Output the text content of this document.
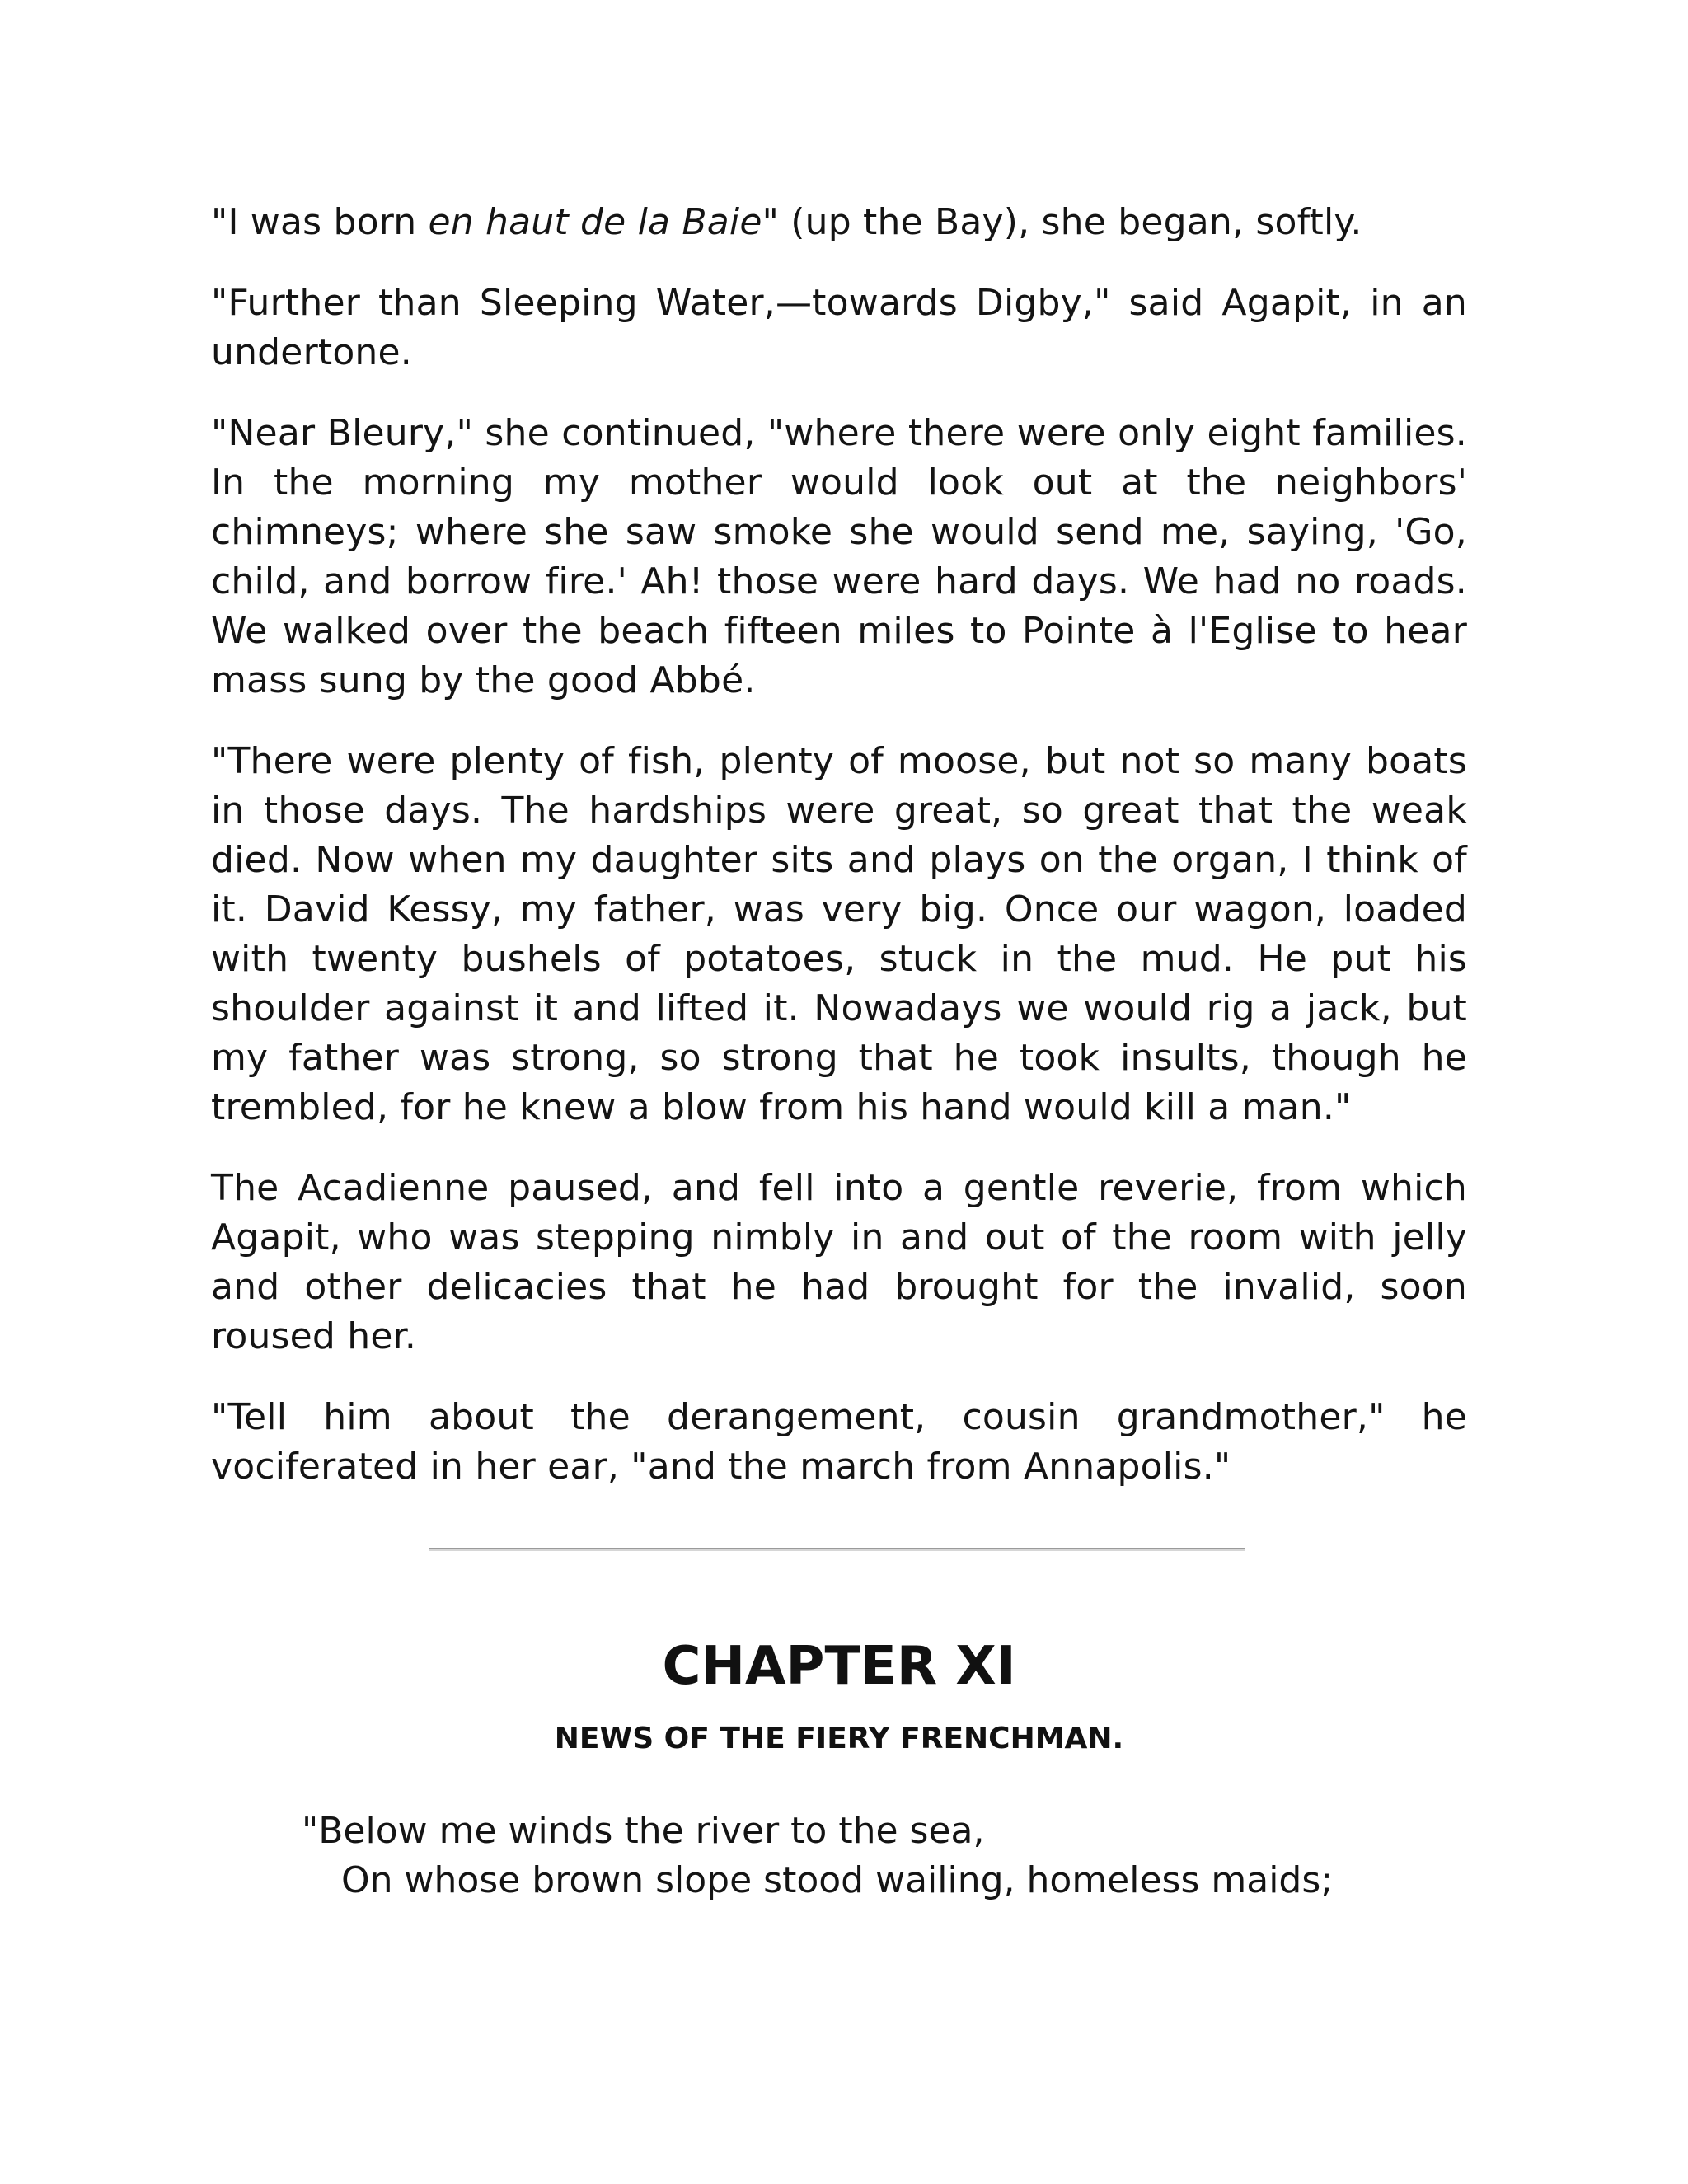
"I was born en haut de la Baie" (up the Bay), she began, softly.

"Further than Sleeping Water,—towards Digby," said Agapit, in an undertone.

"Near Bleury," she continued, "where there were only eight families. In the morning my mother would look out at the neighbors' chimneys; where she saw smoke she would send me, saying, 'Go, child, and borrow fire.' Ah! those were hard days. We had no roads. We walked over the beach fifteen miles to Pointe à l'Eglise to hear mass sung by the good Abbé.

"There were plenty of fish, plenty of moose, but not so many boats in those days. The hardships were great, so great that the weak died. Now when my daughter sits and plays on the organ, I think of it. David Kessy, my father, was very big. Once our wagon, loaded with twenty bushels of potatoes, stuck in the mud. He put his shoulder against it and lifted it. Nowadays we would rig a jack, but my father was strong, so strong that he took insults, though he trembled, for he knew a blow from his hand would kill a man."

The Acadienne paused, and fell into a gentle reverie, from which Agapit, who was stepping nimbly in and out of the room with jelly and other delicacies that he had brought for the invalid, soon roused her.

"Tell him about the derangement, cousin grandmother," he vociferated in her ear, "and the march from Annapolis."

CHAPTER XI
NEWS OF THE FIERY FRENCHMAN.
"Below me winds the river to the sea,
On whose brown slope stood wailing, homeless maids;
